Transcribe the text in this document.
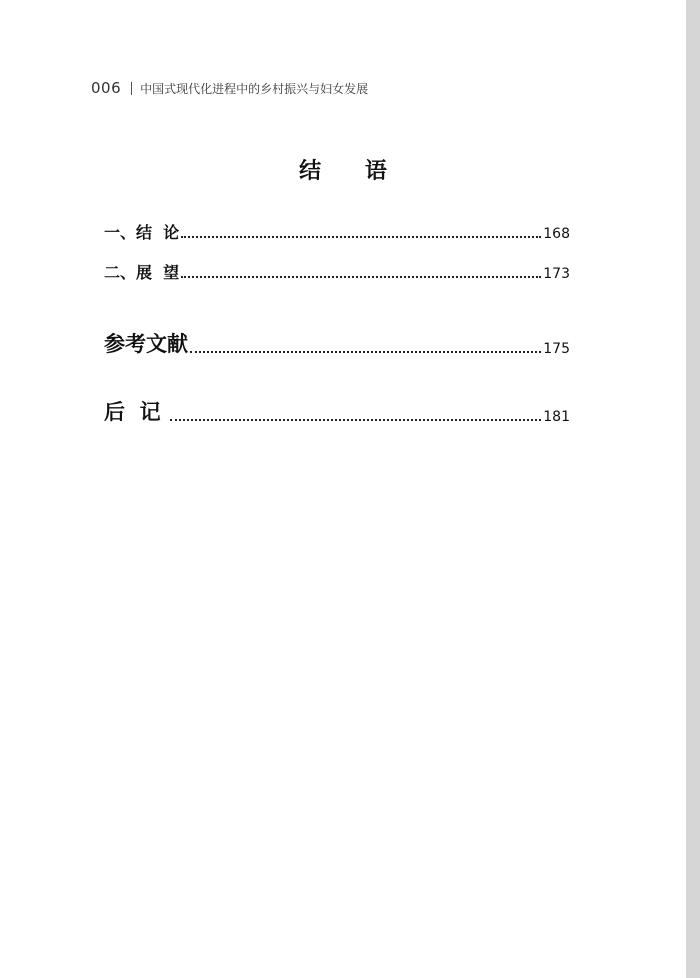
006 中国式现代化进程中的乡村振兴与妇女发展
结 语
一、结  论	168
二、展  望	173
参考文献	175
后  记	181
